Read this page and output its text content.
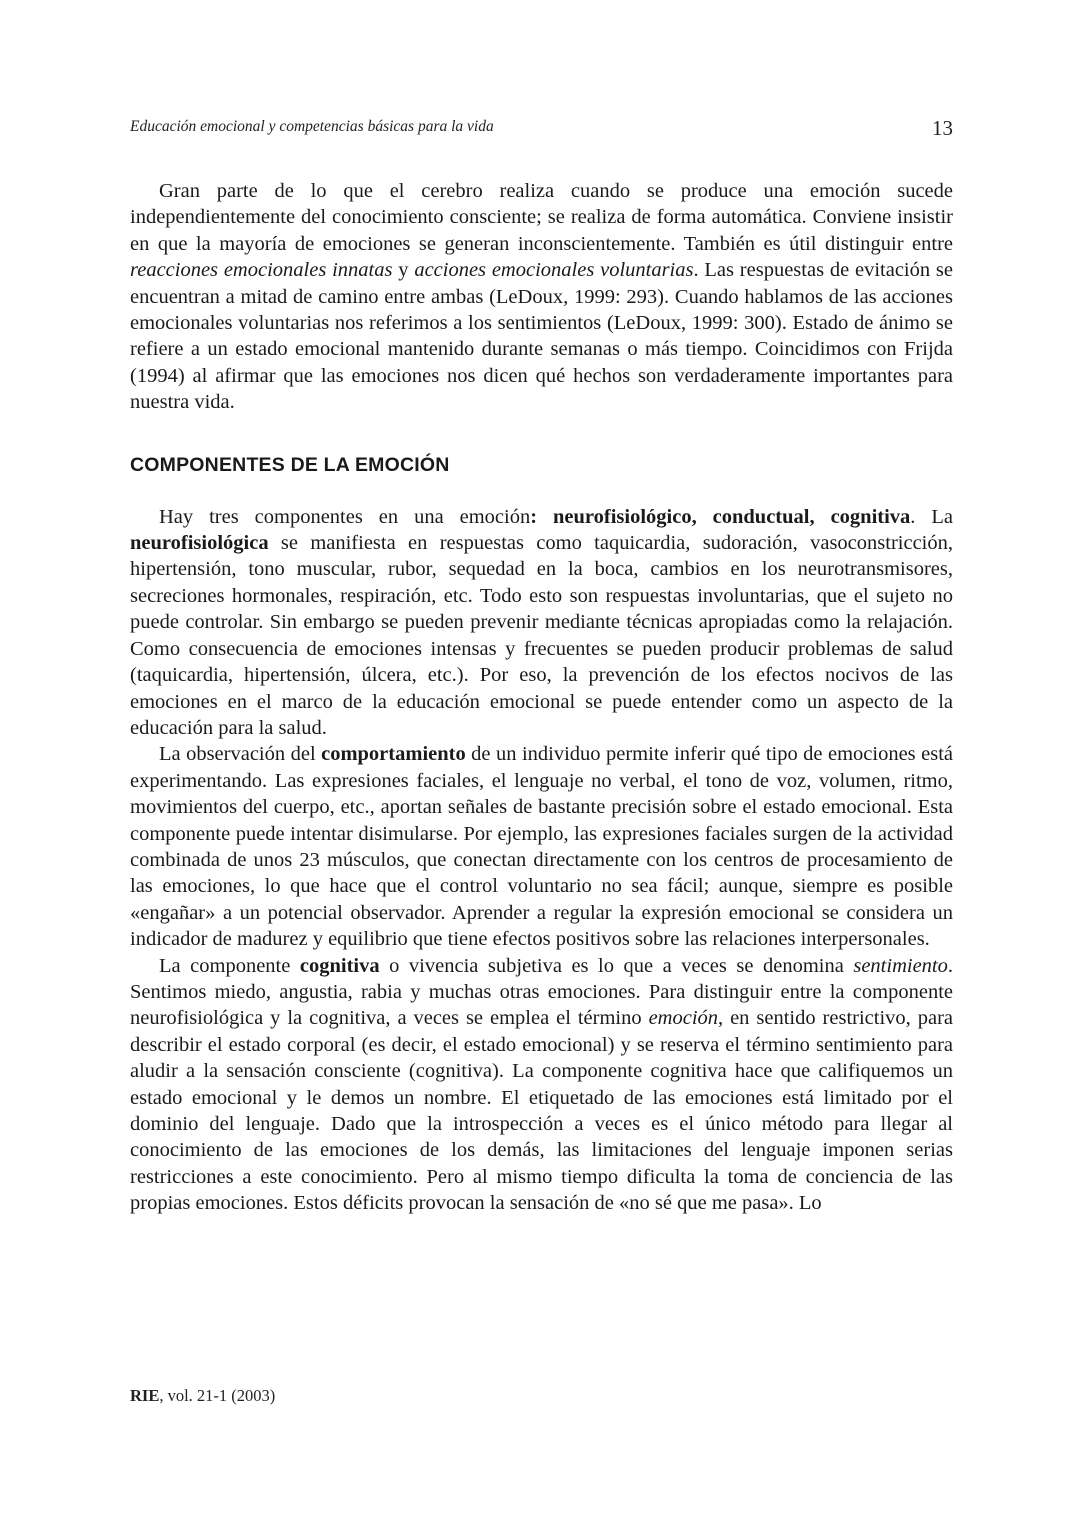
Educación emocional y competencias básicas para la vida	13

Gran parte de lo que el cerebro realiza cuando se produce una emoción sucede independientemente del conocimiento consciente; se realiza de forma automática. Conviene insistir en que la mayoría de emociones se generan inconscientemente. También es útil distinguir entre reacciones emocionales innatas y acciones emocionales voluntarias. Las respuestas de evitación se encuentran a mitad de camino entre ambas (LeDoux, 1999: 293). Cuando hablamos de las acciones emocionales voluntarias nos referimos a los sentimientos (LeDoux, 1999: 300). Estado de ánimo se refiere a un estado emocional mantenido durante semanas o más tiempo. Coincidimos con Frijda (1994) al afirmar que las emociones nos dicen qué hechos son verdaderamente importantes para nuestra vida.

COMPONENTES DE LA EMOCIÓN

Hay tres componentes en una emoción: neurofisiológico, conductual, cognitiva. La neurofisiológica se manifiesta en respuestas como taquicardia, sudoración, vasoconstricción, hipertensión, tono muscular, rubor, sequedad en la boca, cambios en los neurotransmisores, secreciones hormonales, respiración, etc. Todo esto son respuestas involuntarias, que el sujeto no puede controlar. Sin embargo se pueden prevenir mediante técnicas apropiadas como la relajación. Como consecuencia de emociones intensas y frecuentes se pueden producir problemas de salud (taquicardia, hipertensión, úlcera, etc.). Por eso, la prevención de los efectos nocivos de las emociones en el marco de la educación emocional se puede entender como un aspecto de la educación para la salud.

La observación del comportamiento de un individuo permite inferir qué tipo de emociones está experimentando. Las expresiones faciales, el lenguaje no verbal, el tono de voz, volumen, ritmo, movimientos del cuerpo, etc., aportan señales de bastante precisión sobre el estado emocional. Esta componente puede intentar disimularse. Por ejemplo, las expresiones faciales surgen de la actividad combinada de unos 23 músculos, que conectan directamente con los centros de procesamiento de las emociones, lo que hace que el control voluntario no sea fácil; aunque, siempre es posible «engañar» a un potencial observador. Aprender a regular la expresión emocional se considera un indicador de madurez y equilibrio que tiene efectos positivos sobre las relaciones interpersonales.

La componente cognitiva o vivencia subjetiva es lo que a veces se denomina sentimiento. Sentimos miedo, angustia, rabia y muchas otras emociones. Para distinguir entre la componente neurofisiológica y la cognitiva, a veces se emplea el término emoción, en sentido restrictivo, para describir el estado corporal (es decir, el estado emocional) y se reserva el término sentimiento para aludir a la sensación consciente (cognitiva). La componente cognitiva hace que califiquemos un estado emocional y le demos un nombre. El etiquetado de las emociones está limitado por el dominio del lenguaje. Dado que la introspección a veces es el único método para llegar al conocimiento de las emociones de los demás, las limitaciones del lenguaje imponen serias restricciones a este conocimiento. Pero al mismo tiempo dificulta la toma de conciencia de las propias emociones. Estos déficits provocan la sensación de «no sé que me pasa». Lo

RIE, vol. 21-1 (2003)
